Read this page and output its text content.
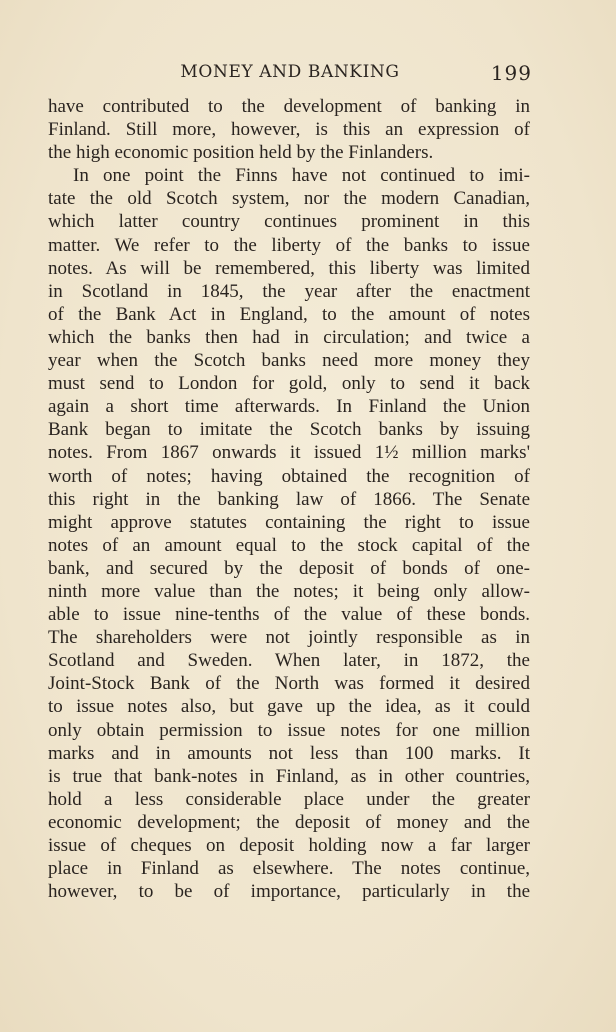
MONEY AND BANKING	199
have contributed to the development of banking in
Finland. Still more, however, is this an expression of
the high economic position held by the Finlanders.
In one point the Finns have not continued to imi-
tate the old Scotch system, nor the modern Canadian,
which latter country continues prominent in this
matter. We refer to the liberty of the banks to issue
notes. As will be remembered, this liberty was limited
in Scotland in 1845, the year after the enactment
of the Bank Act in England, to the amount of notes
which the banks then had in circulation; and twice a
year when the Scotch banks need more money they
must send to London for gold, only to send it back
again a short time afterwards. In Finland the Union
Bank began to imitate the Scotch banks by issuing
notes. From 1867 onwards it issued 1½ million marks'
worth of notes; having obtained the recognition of
this right in the banking law of 1866. The Senate
might approve statutes containing the right to issue
notes of an amount equal to the stock capital of the
bank, and secured by the deposit of bonds of one-
ninth more value than the notes; it being only allow-
able to issue nine-tenths of the value of these bonds.
The shareholders were not jointly responsible as in
Scotland and Sweden. When later, in 1872, the
Joint-Stock Bank of the North was formed it desired
to issue notes also, but gave up the idea, as it could
only obtain permission to issue notes for one million
marks and in amounts not less than 100 marks. It
is true that bank-notes in Finland, as in other countries,
hold a less considerable place under the greater
economic development; the deposit of money and the
issue of cheques on deposit holding now a far larger
place in Finland as elsewhere. The notes continue,
however, to be of importance, particularly in the
